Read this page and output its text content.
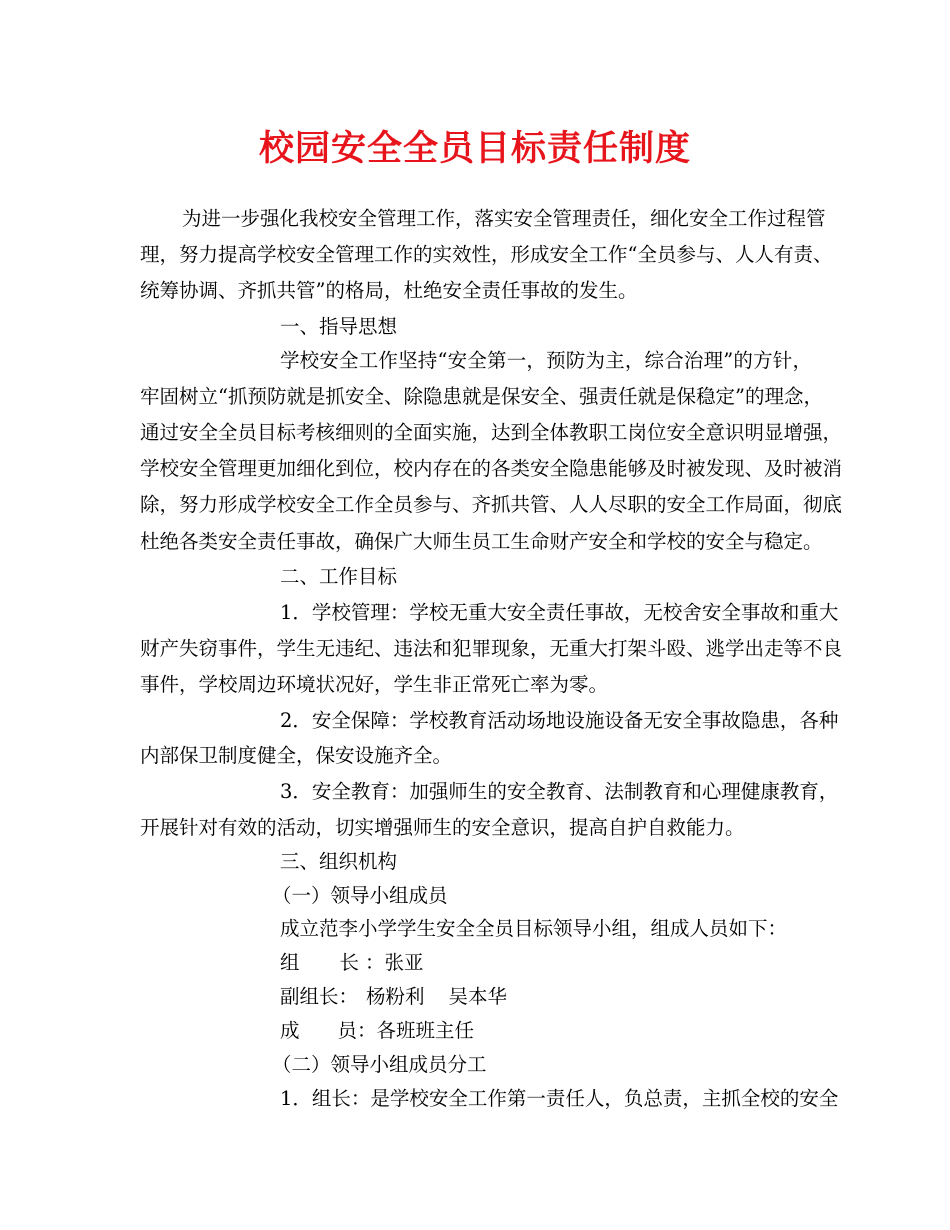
校园安全全员目标责任制度
为进一步强化我校安全管理工作，落实安全管理责任，细化安全工作过程管
理，努力提高学校安全管理工作的实效性，形成安全工作“全员参与、人人有责、
统筹协调、齐抓共管”的格局，杜绝安全责任事故的发生。
一、指导思想
学校安全工作坚持“安全第一，预防为主，综合治理”的方针，
牢固树立“抓预防就是抓安全、除隐患就是保安全、强责任就是保稳定”的理念，
通过安全全员目标考核细则的全面实施，达到全体教职工岗位安全意识明显增强，
学校安全管理更加细化到位，校内存在的各类安全隐患能够及时被发现、及时被消
除，努力形成学校安全工作全员参与、齐抓共管、人人尽职的安全工作局面，彻底
杜绝各类安全责任事故，确保广大师生员工生命财产安全和学校的安全与稳定。
二、工作目标
1．学校管理：学校无重大安全责任事故，无校舍安全事故和重大
财产失窃事件，学生无违纪、违法和犯罪现象，无重大打架斗殴、逃学出走等不良
事件，学校周边环境状况好，学生非正常死亡率为零。
2．安全保障：学校教育活动场地设施设备无安全事故隐患，各种
内部保卫制度健全，保安设施齐全。
3．安全教育：加强师生的安全教育、法制教育和心理健康教育，
开展针对有效的活动，切实增强师生的安全意识，提高自护自救能力。
三、组织机构
（一）领导小组成员
成立范李小学学生安全全员目标领导小组，组成人员如下：
组 长 ：张亚
副组长： 杨粉利 吴本华
成 员：各班班主任
（二）领导小组成员分工
1．组长：是学校安全工作第一责任人，负总责，主抓全校的安全
